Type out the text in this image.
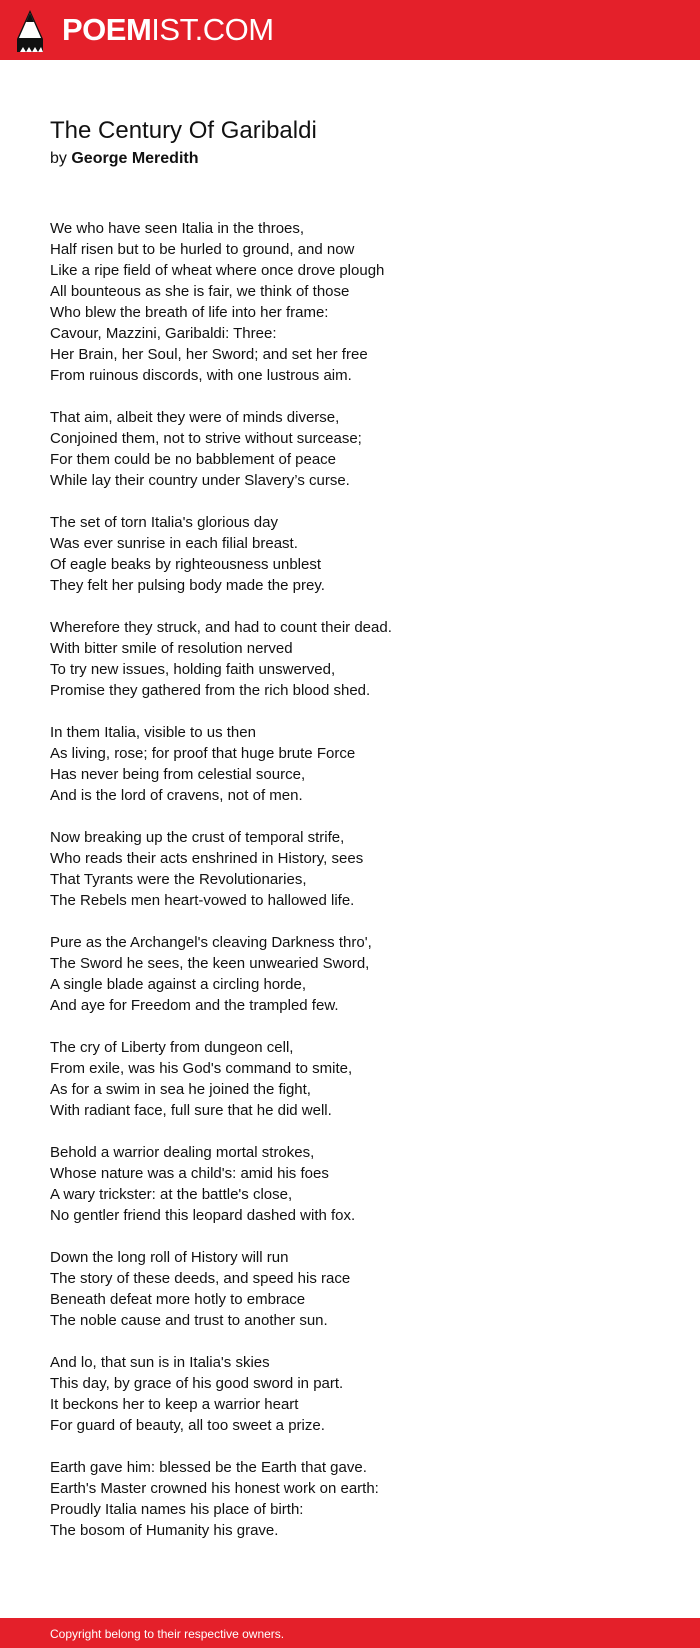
POEMIST.COM
The Century Of Garibaldi
by George Meredith
We who have seen Italia in the throes,
Half risen but to be hurled to ground, and now
Like a ripe field of wheat where once drove plough
All bounteous as she is fair, we think of those
Who blew the breath of life into her frame:
Cavour, Mazzini, Garibaldi: Three:
Her Brain, her Soul, her Sword; and set her free
From ruinous discords, with one lustrous aim.
That aim, albeit they were of minds diverse,
Conjoined them, not to strive without surcease;
For them could be no babblement of peace
While lay their country under Slavery’s curse.
The set of torn Italia's glorious day
Was ever sunrise in each filial breast.
Of eagle beaks by righteousness unblest
They felt her pulsing body made the prey.
Wherefore they struck, and had to count their dead.
With bitter smile of resolution nerved
To try new issues, holding faith unswerved,
Promise they gathered from the rich blood shed.
In them Italia, visible to us then
As living, rose; for proof that huge brute Force
Has never being from celestial source,
And is the lord of cravens, not of men.
Now breaking up the crust of temporal strife,
Who reads their acts enshrined in History, sees
That Tyrants were the Revolutionaries,
The Rebels men heart-vowed to hallowed life.
Pure as the Archangel's cleaving Darkness thro',
The Sword he sees, the keen unwearied Sword,
A single blade against a circling horde,
And aye for Freedom and the trampled few.
The cry of Liberty from dungeon cell,
From exile, was his God's command to smite,
As for a swim in sea he joined the fight,
With radiant face, full sure that he did well.
Behold a warrior dealing mortal strokes,
Whose nature was a child's: amid his foes
A wary trickster: at the battle's close,
No gentler friend this leopard dashed with fox.
Down the long roll of History will run
The story of these deeds, and speed his race
Beneath defeat more hotly to embrace
The noble cause and trust to another sun.
And lo, that sun is in Italia's skies
This day, by grace of his good sword in part.
It beckons her to keep a warrior heart
For guard of beauty, all too sweet a prize.
Earth gave him: blessed be the Earth that gave.
Earth's Master crowned his honest work on earth:
Proudly Italia names his place of birth:
The bosom of Humanity his grave.
Copyright belong to their respective owners.
